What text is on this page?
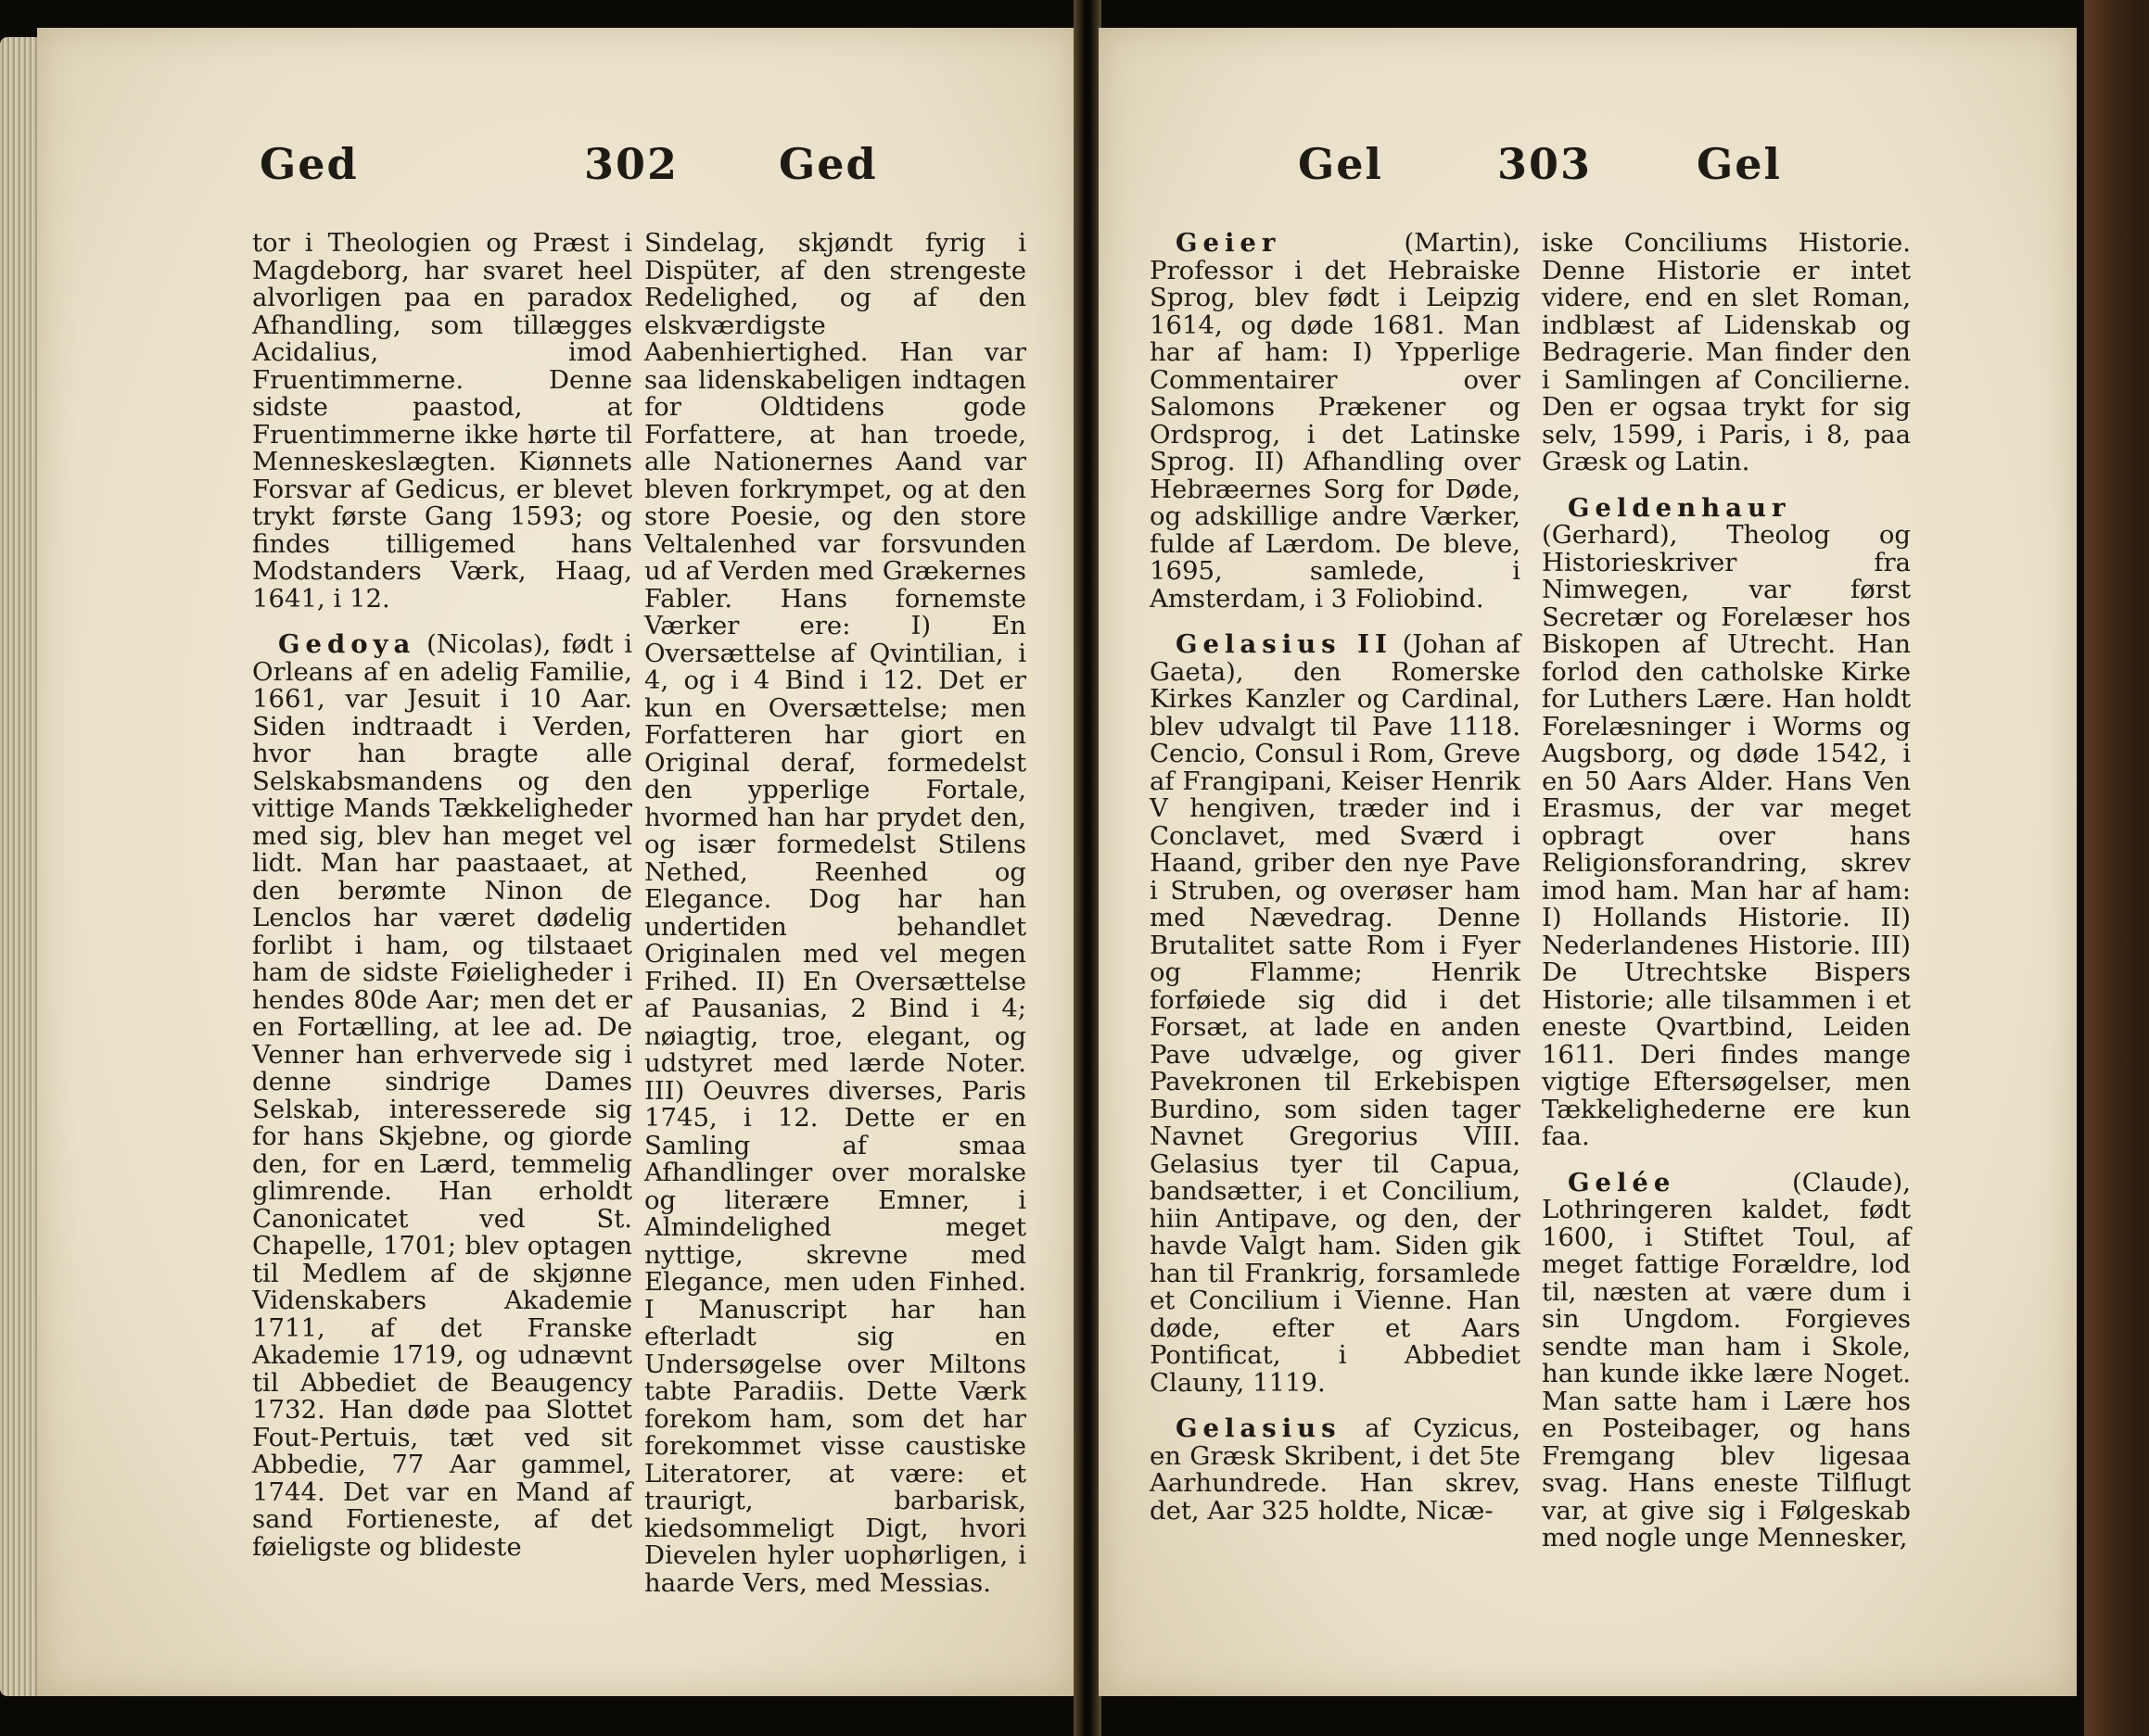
Ged	302 Ged

tor i Theologien og Præst i Magdeborg, har svaret heel alvorligen paa en paradox Afhandling, som tillægges Acidalius, imod Fruentimmerne. Denne sidste paastod, at Fruentimmerne ikke hørte til Menneskeslægten. Kiønnets Forsvar af Gedicus, er blevet trykt første Gang 1593; og findes tilligemed hans Modstanders Værk, Haag, 1641, i 12.

Gedoya (Nicolas), født i Orleans af en adelig Familie, 1661, var Jesuit i 10 Aar. Siden indtraadt i Verden, hvor han bragte alle Selskabsmandens og den vittige Mands Tækkeligheder med sig, blev han meget vel lidt. Man har paastaaet, at den berømte Ninon de Lenclos har været dødelig forlibt i ham, og tilstaaet ham de sidste Føieligheder i hendes 80de Aar; men det er en Fortælling, at lee ad. De Venner han erhvervede sig i denne sindrige Dames Selskab, interesserede sig for hans Skjebne, og giorde den, for en Lærd, temmelig glimrende. Han erholdt Canonicatet ved St. Chapelle, 1701; blev optagen til Medlem af de skjønne Videnskabers Akademie 1711, af det Franske Akademie 1719, og udnævnt til Abbediet de Beaugency 1732. Han døde paa Slottet Fout-Pertuis, tæt ved sit Abbedie, 77 Aar gammel, 1744. Det var en Mand af sand Fortieneste, af det føieligste og blideste

Sindelag, skjøndt fyrig i Dispüter, af den strengeste Redelighed, og af den elskværdigste Aabenhiertighed. Han var saa lidenskabeligen indtagen for Oldtidens gode Forfattere, at han troede, alle Nationernes Aand var bleven forkrympet, og at den store Poesie, og den store Veltalenhed var forsvunden ud af Verden med Grækernes Fabler. Hans fornemste Værker ere: I) En Oversættelse af Qvintilian, i 4, og i 4 Bind i 12. Det er kun en Oversættelse; men Forfatteren har giort en Original deraf, formedelst den ypperlige Fortale, hvormed han har prydet den, og især formedelst Stilens Nethed, Reenhed og Elegance. Dog har han undertiden behandlet Originalen med vel megen Frihed. II) En Oversættelse af Pausanias, 2 Bind i 4; nøiagtig, troe, elegant, og udstyret med lærde Noter. III) Oeuvres diverses, Paris 1745, i 12. Dette er en Samling af smaa Afhandlinger over moralske og literære Emner, i Almindelighed meget nyttige, skrevne med Elegance, men uden Finhed. I Manuscript har han efterladt sig en Undersøgelse over Miltons tabte Paradiis. Dette Værk forekom ham, som det har forekommet visse caustiske Literatorer, at være: et traurigt, barbarisk, kiedsommeligt Digt, hvori Dievelen hyler uophørligen, i haarde Vers, med Messias.

Gel	303 Gel

Geier (Martin), Professor i det Hebraiske Sprog, blev født i Leipzig 1614, og døde 1681. Man har af ham: I) Ypperlige Commentairer over Salomons Prækener og Ordsprog, i det Latinske Sprog. II) Afhandling over Hebræernes Sorg for Døde, og adskillige andre Værker, fulde af Lærdom. De bleve, 1695, samlede, i Amsterdam, i 3 Foliobind.

Gelasius II (Johan af Gaeta), den Romerske Kirkes Kanzler og Cardinal, blev udvalgt til Pave 1118. Cencio, Consul i Rom, Greve af Frangipani, Keiser Henrik V hengiven, træder ind i Conclavet, med Sværd i Haand, griber den nye Pave i Struben, og overøser ham med Nævedrag. Denne Brutalitet satte Rom i Fyer og Flamme; Henrik forføiede sig did i det Forsæt, at lade en anden Pave udvælge, og giver Pavekronen til Erkebispen Burdino, som siden tager Navnet Gregorius VIII. Gelasius tyer til Capua, bandsætter, i et Concilium, hiin Antipave, og den, der havde Valgt ham. Siden gik han til Frankrig, forsamlede et Concilium i Vienne. Han døde, efter et Aars Pontificat, i Abbediet Clauny, 1119.

Gelasius af Cyzicus, en Græsk Skribent, i det 5te Aarhundrede. Han skrev, det, Aar 325 holdte, Nicæ-

iske Conciliums Historie. Denne Historie er intet videre, end en slet Roman, indblæst af Lidenskab og Bedragerie. Man finder den i Samlingen af Concilierne. Den er ogsaa trykt for sig selv, 1599, i Paris, i 8, paa Græsk og Latin.

Geldenhaur (Gerhard), Theolog og Historieskriver fra Nimwegen, var først Secretær og Forelæser hos Biskopen af Utrecht. Han forlod den catholske Kirke for Luthers Lære. Han holdt Forelæsninger i Worms og Augsborg, og døde 1542, i en 50 Aars Alder. Hans Ven Erasmus, der var meget opbragt over hans Religionsforandring, skrev imod ham. Man har af ham: I) Hollands Historie. II) Nederlandenes Historie. III) De Utrechtske Bispers Historie; alle tilsammen i et eneste Qvartbind, Leiden 1611. Deri findes mange vigtige Eftersøgelser, men Tækkelighederne ere kun faa.

Gelée (Claude), Lothringeren kaldet, født 1600, i Stiftet Toul, af meget fattige Forældre, lod til, næsten at være dum i sin Ungdom. Forgieves sendte man ham i Skole, han kunde ikke lære Noget. Man satte ham i Lære hos en Posteibager, og hans Fremgang blev ligesaa svag. Hans eneste Tilflugt var, at give sig i Følgeskab med nogle unge Mennesker,
